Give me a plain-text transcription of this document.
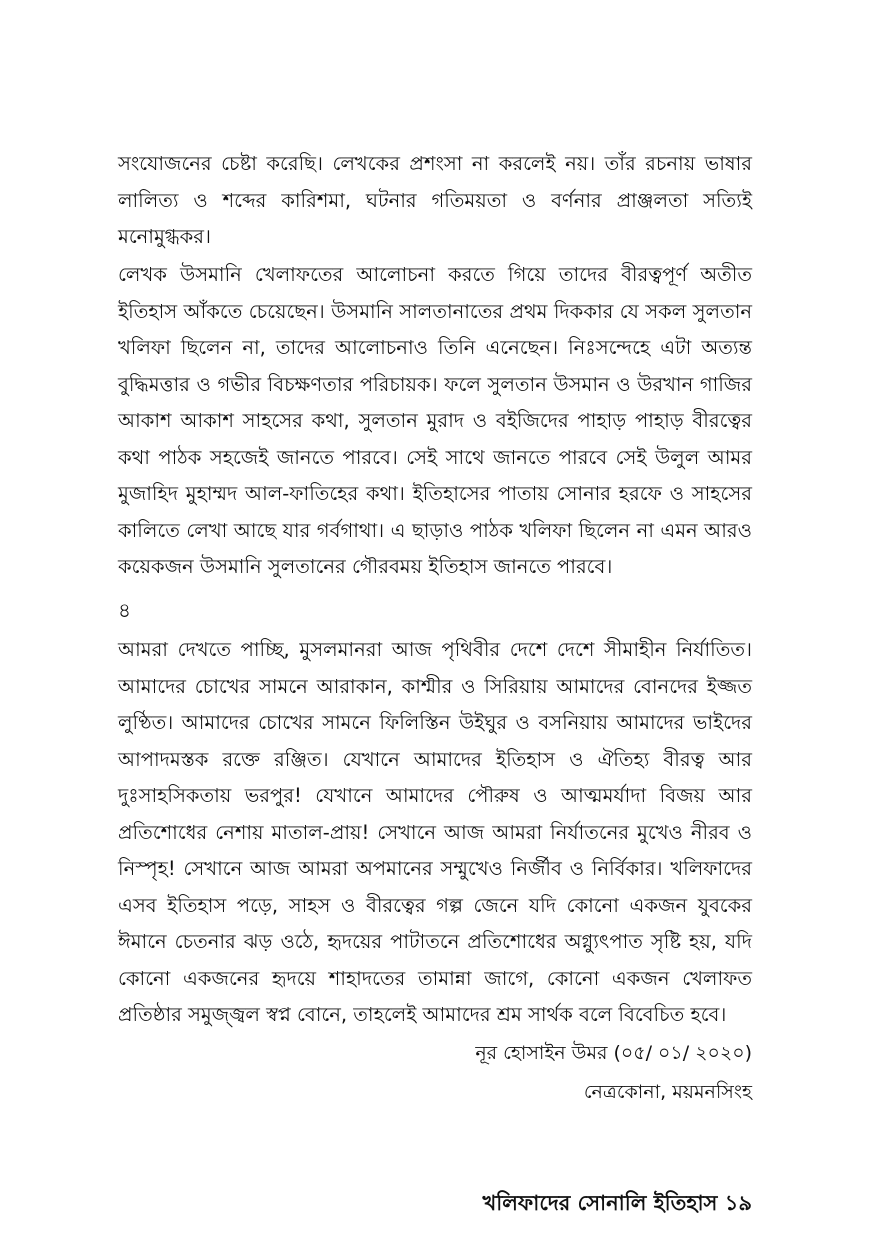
সংযোজনের চেষ্টা করেছি। লেখকের প্রশংসা না করলেই নয়। তাঁর রচনায় ভাষার লালিত্য ও শব্দের কারিশমা, ঘটনার গতিময়তা ও বর্ণনার প্রাঞ্জলতা সত্যিই মনোমুগ্ধকর।

লেখক উসমানি খেলাফতের আলোচনা করতে গিয়ে তাদের বীরত্বপূর্ণ অতীত ইতিহাস আঁকতে চেয়েছেন। উসমানি সালতানাতের প্রথম দিককার যে সকল সুলতান খলিফা ছিলেন না, তাদের আলোচনাও তিনি এনেছেন। নিঃসন্দেহে এটা অত্যন্ত বুদ্ধিমত্তার ও গভীর বিচক্ষণতার পরিচায়ক। ফলে সুলতান উসমান ও উরখান গাজির আকাশ আকাশ সাহসের কথা, সুলতান মুরাদ ও বইজিদের পাহাড় পাহাড় বীরত্বের কথা পাঠক সহজেই জানতে পারবে। সেই সাথে জানতে পারবে সেই উলুল আমর মুজাহিদ মুহাম্মদ আল-ফাতিহের কথা। ইতিহাসের পাতায় সোনার হরফে ও সাহসের কালিতে লেখা আছে যার গর্বগাথা। এ ছাড়াও পাঠক খলিফা ছিলেন না এমন আরও কয়েকজন উসমানি সুলতানের গৌরবময় ইতিহাস জানতে পারবে।

৪

আমরা দেখতে পাচ্ছি, মুসলমানরা আজ পৃথিবীর দেশে দেশে সীমাহীন নির্যাতিত। আমাদের চোখের সামনে আরাকান, কাশ্মীর ও সিরিয়ায় আমাদের বোনদের ইজ্জত লুণ্ঠিত। আমাদের চোখের সামনে ফিলিস্তিন উইঘুর ও বসনিয়ায় আমাদের ভাইদের আপাদমস্তক রক্তে রঞ্জিত। যেখানে আমাদের ইতিহাস ও ঐতিহ্য বীরত্ব আর দুঃসাহসিকতায় ভরপুর! যেখানে আমাদের পৌরুষ ও আত্মমর্যাদা বিজয় আর প্রতিশোধের নেশায় মাতাল-প্রায়! সেখানে আজ আমরা নির্যাতনের মুখেও নীরব ও নিস্পৃহ! সেখানে আজ আমরা অপমানের সম্মুখেও নির্জীব ও নির্বিকার। খলিফাদের এসব ইতিহাস পড়ে, সাহস ও বীরত্বের গল্প জেনে যদি কোনো একজন যুবকের ঈমানে চেতনার ঝড় ওঠে, হৃদয়ের পাটাতনে প্রতিশোধের অগ্ন্যুৎপাত সৃষ্টি হয়, যদি কোনো একজনের হৃদয়ে শাহাদতের তামান্না জাগে, কোনো একজন খেলাফত প্রতিষ্ঠার সমুজ্জ্বল স্বপ্ন বোনে, তাহলেই আমাদের শ্রম সার্থক বলে বিবেচিত হবে।

নূর হোসাইন উমর (০৫/ ০১/ ২০২০)
নেত্রকোনা, ময়মনসিংহ
খলিফাদের সোনালি ইতিহাস ১৯
